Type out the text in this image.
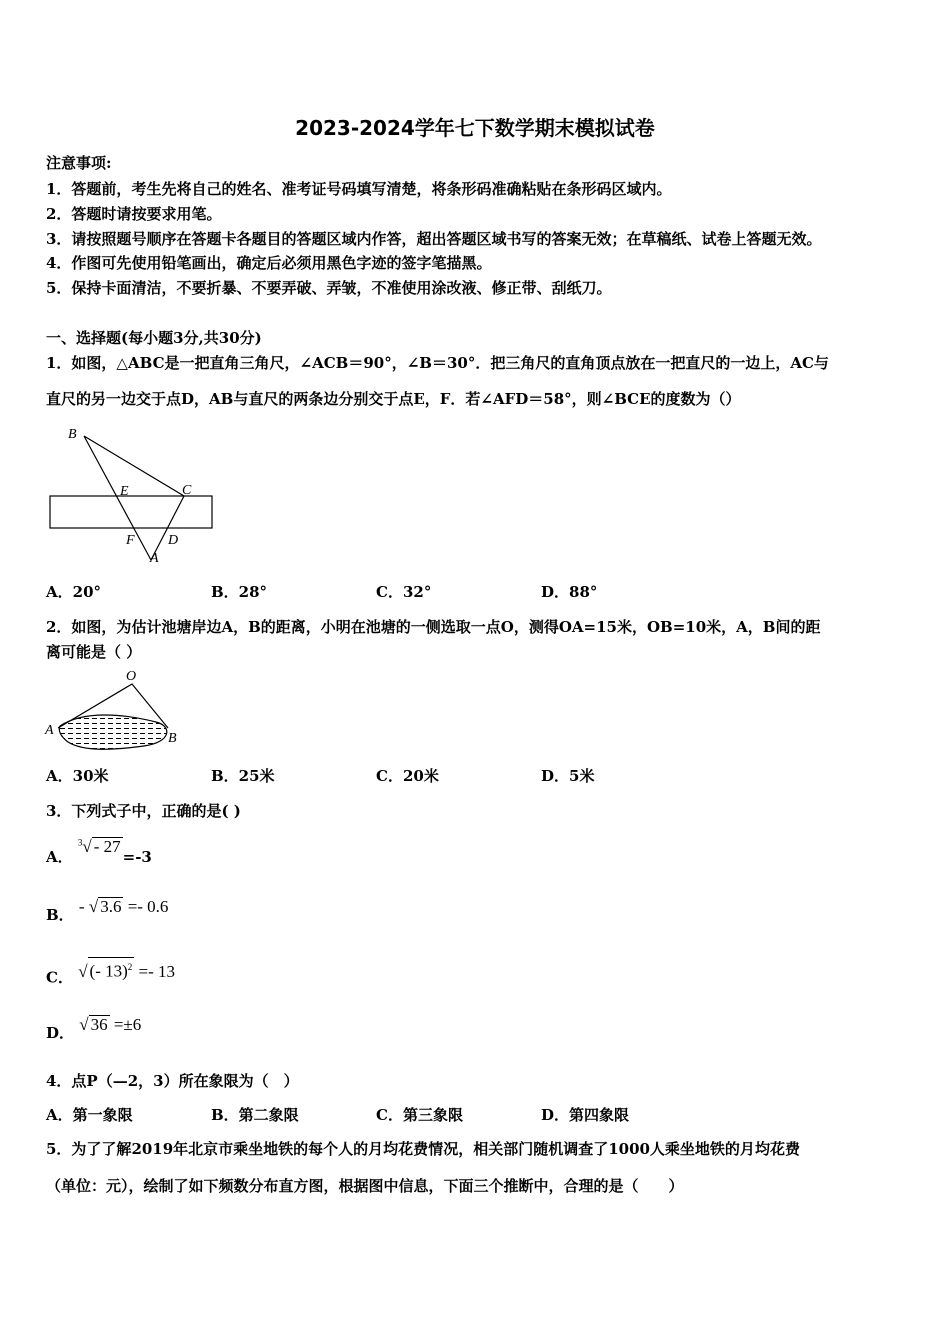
2023-2024学年七下数学期末模拟试卷
注意事项:
1．答题前，考生先将自己的姓名、准考证号码填写清楚，将条形码准确粘贴在条形码区域内。
2．答题时请按要求用笔。
3．请按照题号顺序在答题卡各题目的答题区域内作答，超出答题区域书写的答案无效；在草稿纸、试卷上答题无效。
4．作图可先使用铅笔画出，确定后必须用黑色字迹的签字笔描黑。
5．保持卡面清洁，不要折暴、不要弄破、弄皱，不准使用涂改液、修正带、刮纸刀。
一、选择题(每小题3分,共30分)
1．如图，△ABC是一把直角三角尺，∠ACB＝90°，∠B＝30°．把三角尺的直角顶点放在一把直尺的一边上，AC与
直尺的另一边交于点D，AB与直尺的两条边分别交于点E，F．若∠AFD＝58°，则∠BCE的度数为（）
B
E	C
F D
A
A．20°	B．28°	C．32°	D．88°
2．如图，为估计池塘岸边A，B的距离，小明在池塘的一侧选取一点O，测得OA=15米，OB=10米，A，B间的距
离可能是（ ）
O
A
B
A．30米	B．25米	C．20米	D．5米
3．下列式子中，正确的是( )
A． $^3$√ - 27=-3
B． - √ 3.6 =- 0.6
C． √ (- 13)$^2$ =- 13
D． √ 36 =±6
4．点P（—2，3）所在象限为（　）
A．第一象限	B．第二象限	C．第三象限	D．第四象限
5．为了了解2019年北京市乘坐地铁的每个人的月均花费情况，相关部门随机调查了1000人乘坐地铁的月均花费
（单位：元），绘制了如下频数分布直方图，根据图中信息，下面三个推断中，合理的是（　　）
